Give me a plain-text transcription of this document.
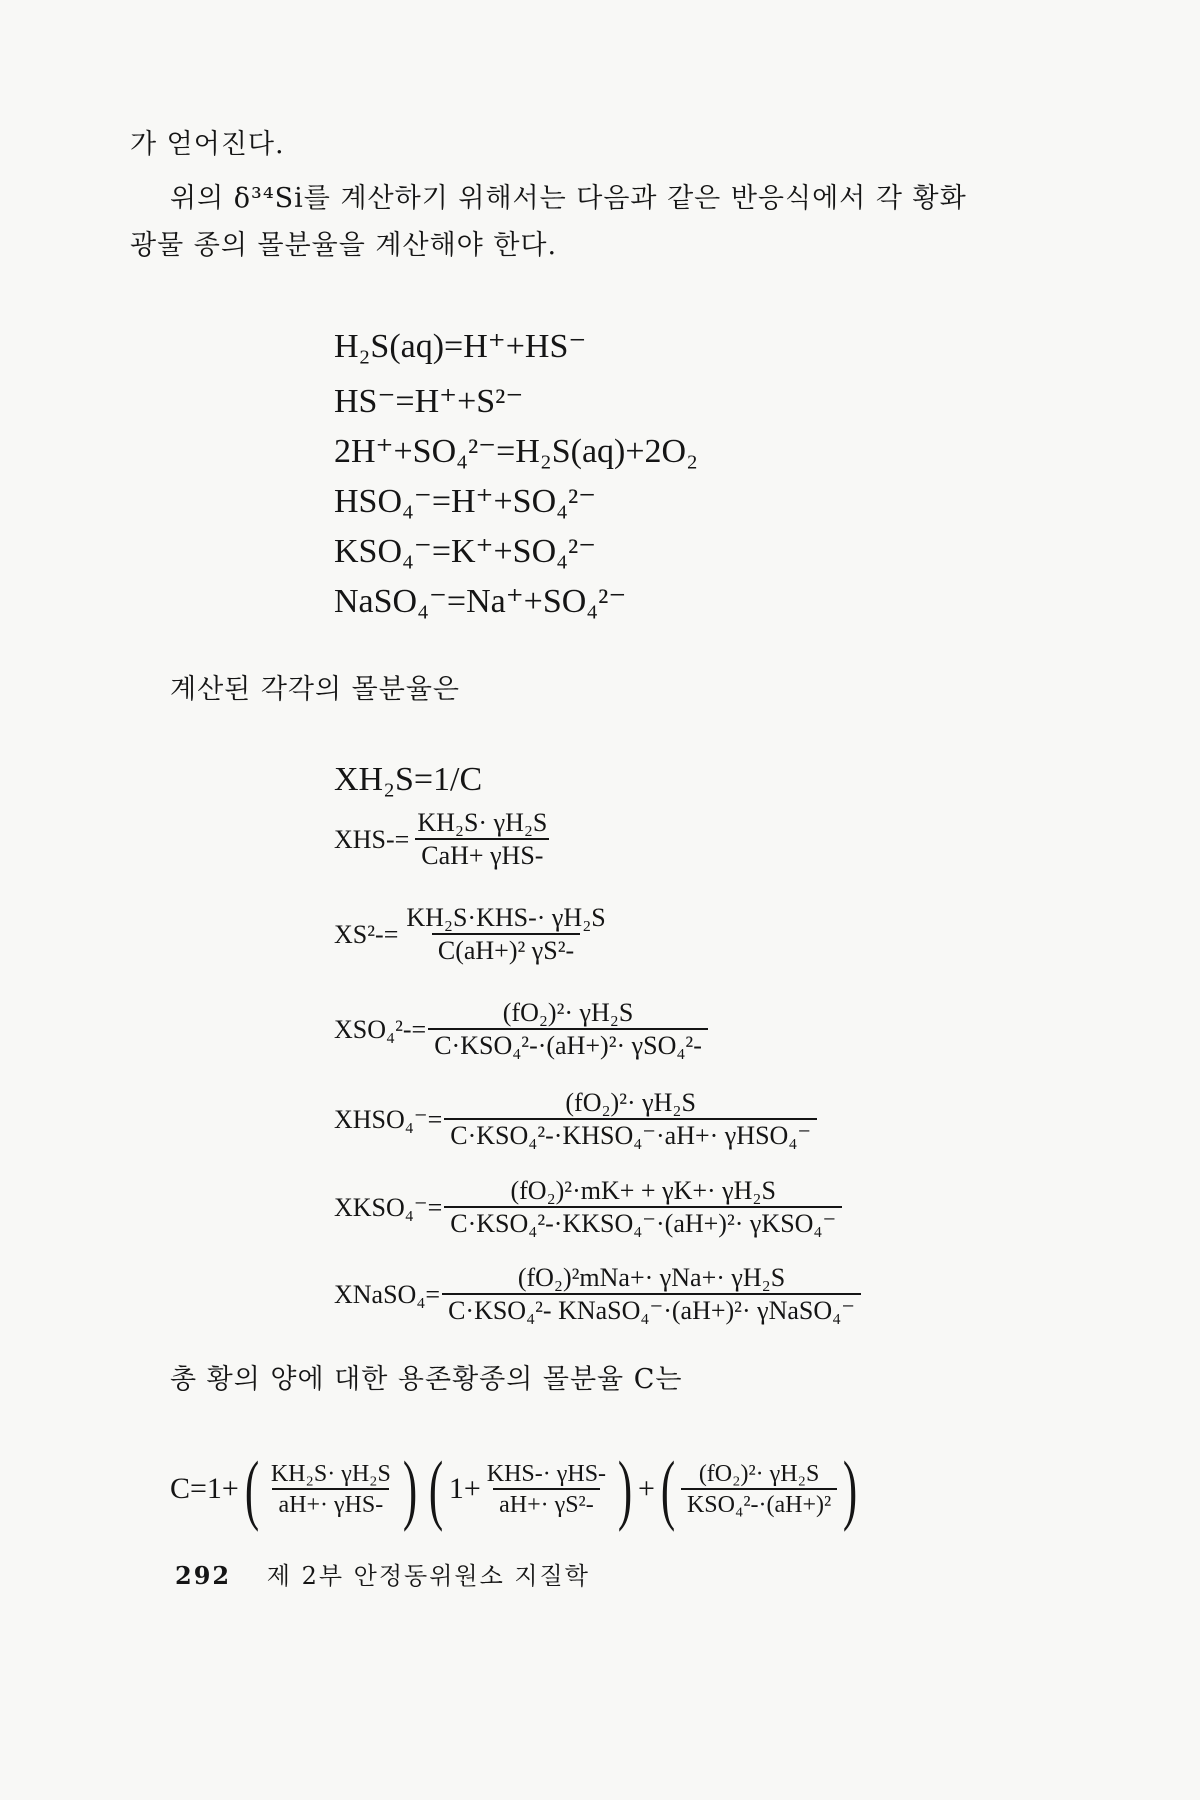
가 얻어진다.
위의 δ³⁴Si를 계산하기 위해서는 다음과 같은 반응식에서 각 황화
광물 종의 몰분율을 계산해야 한다.
H₂S(aq)=H⁺+HS⁻
HS⁻=H⁺+S²⁻
2H⁺+SO₄²⁻=H₂S(aq)+2O₂
HSO₄⁻=H⁺+SO₄²⁻
KSO₄⁻=K⁺+SO₄²⁻
NaSO₄⁻=Na⁺+SO₄²⁻
계산된 각각의 몰분율은
XH₂S=1/C
$XHS-= \frac{\text{KH₂S· γH₂S}}{\text{CaH+ γHS-}}$
$XS^2-= \frac{\text{KH₂S·KHS-· γH₂S}}{\text{C(aH+)² γS²-}}$
$XSO_4^2-= \frac{\text{(fO₂)²· γH₂S}}{\text{C·KSO₄²-·(aH+)²· γSO₄²-}}$
XHSO₄⁻= $\frac{\text{(fO₂)²· γH₂S}}{\text{C·KSO₄²-·KHSO₄⁻·aH+· γHSO₄⁻}}$
XKSO₄⁻= $\frac{\text{(fO₂)²·mK+ + γK+· γH₂S}}{\text{C·KSO₄²-·KKSO₄⁻·(aH+)²· γKSO₄⁻}}$
XNaSO₄= $\frac{\text{(fO₂)²mNa+· γNa+· γH₂S}}{\text{C·KSO₄²- KNaSO₄⁻·(aH+)²· γNaSO₄⁻}}$
총 황의 양에 대한 용존황종의 몰분율 C는
C=1+ ( $\frac{\text{KH₂S· γH₂S}}{\text{aH+· γHS-}}$ ) ( $1+ \frac{\text{KHS-· γHS-}}{\text{aH+· γS²-}}$ ) + ( $\frac{\text{(fO₂)²· γH₂S}}{\text{KSO₄²-·(aH+)²}}$ )
292 제 2부 안정동위원소 지질학
